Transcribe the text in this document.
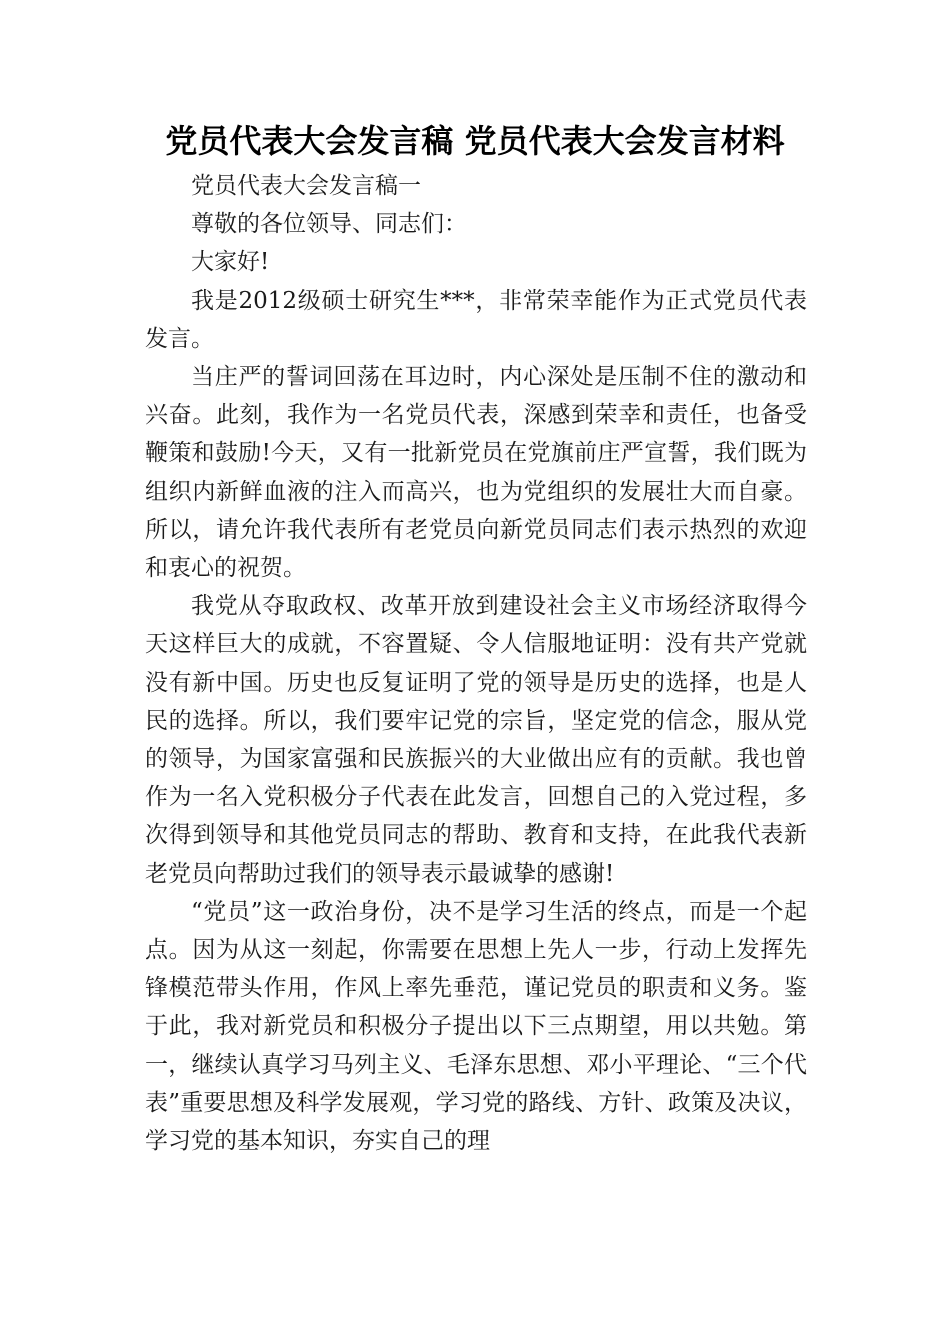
党员代表大会发言稿 党员代表大会发言材料

党员代表大会发言稿一

尊敬的各位领导、同志们：

大家好!

我是2012级硕士研究生***，非常荣幸能作为正式党员代表发言。

当庄严的誓词回荡在耳边时，内心深处是压制不住的激动和兴奋。此刻，我作为一名党员代表，深感到荣幸和责任，也备受鞭策和鼓励!今天，又有一批新党员在党旗前庄严宣誓，我们既为组织内新鲜血液的注入而高兴，也为党组织的发展壮大而自豪。所以，请允许我代表所有老党员向新党员同志们表示热烈的欢迎和衷心的祝贺。

我党从夺取政权、改革开放到建设社会主义市场经济取得今天这样巨大的成就，不容置疑、令人信服地证明：没有共产党就没有新中国。历史也反复证明了党的领导是历史的选择，也是人民的选择。所以，我们要牢记党的宗旨，坚定党的信念，服从党的领导，为国家富强和民族振兴的大业做出应有的贡献。我也曾作为一名入党积极分子代表在此发言，回想自己的入党过程，多次得到领导和其他党员同志的帮助、教育和支持，在此我代表新老党员向帮助过我们的领导表示最诚挚的感谢!

“党员”这一政治身份，决不是学习生活的终点，而是一个起点。因为从这一刻起，你需要在思想上先人一步，行动上发挥先锋模范带头作用，作风上率先垂范，谨记党员的职责和义务。鉴于此，我对新党员和积极分子提出以下三点期望，用以共勉。第一，继续认真学习马列主义、毛泽东思想、邓小平理论、“三个代表”重要思想及科学发展观，学习党的路线、方针、政策及决议，学习党的基本知识，夯实自己的理
